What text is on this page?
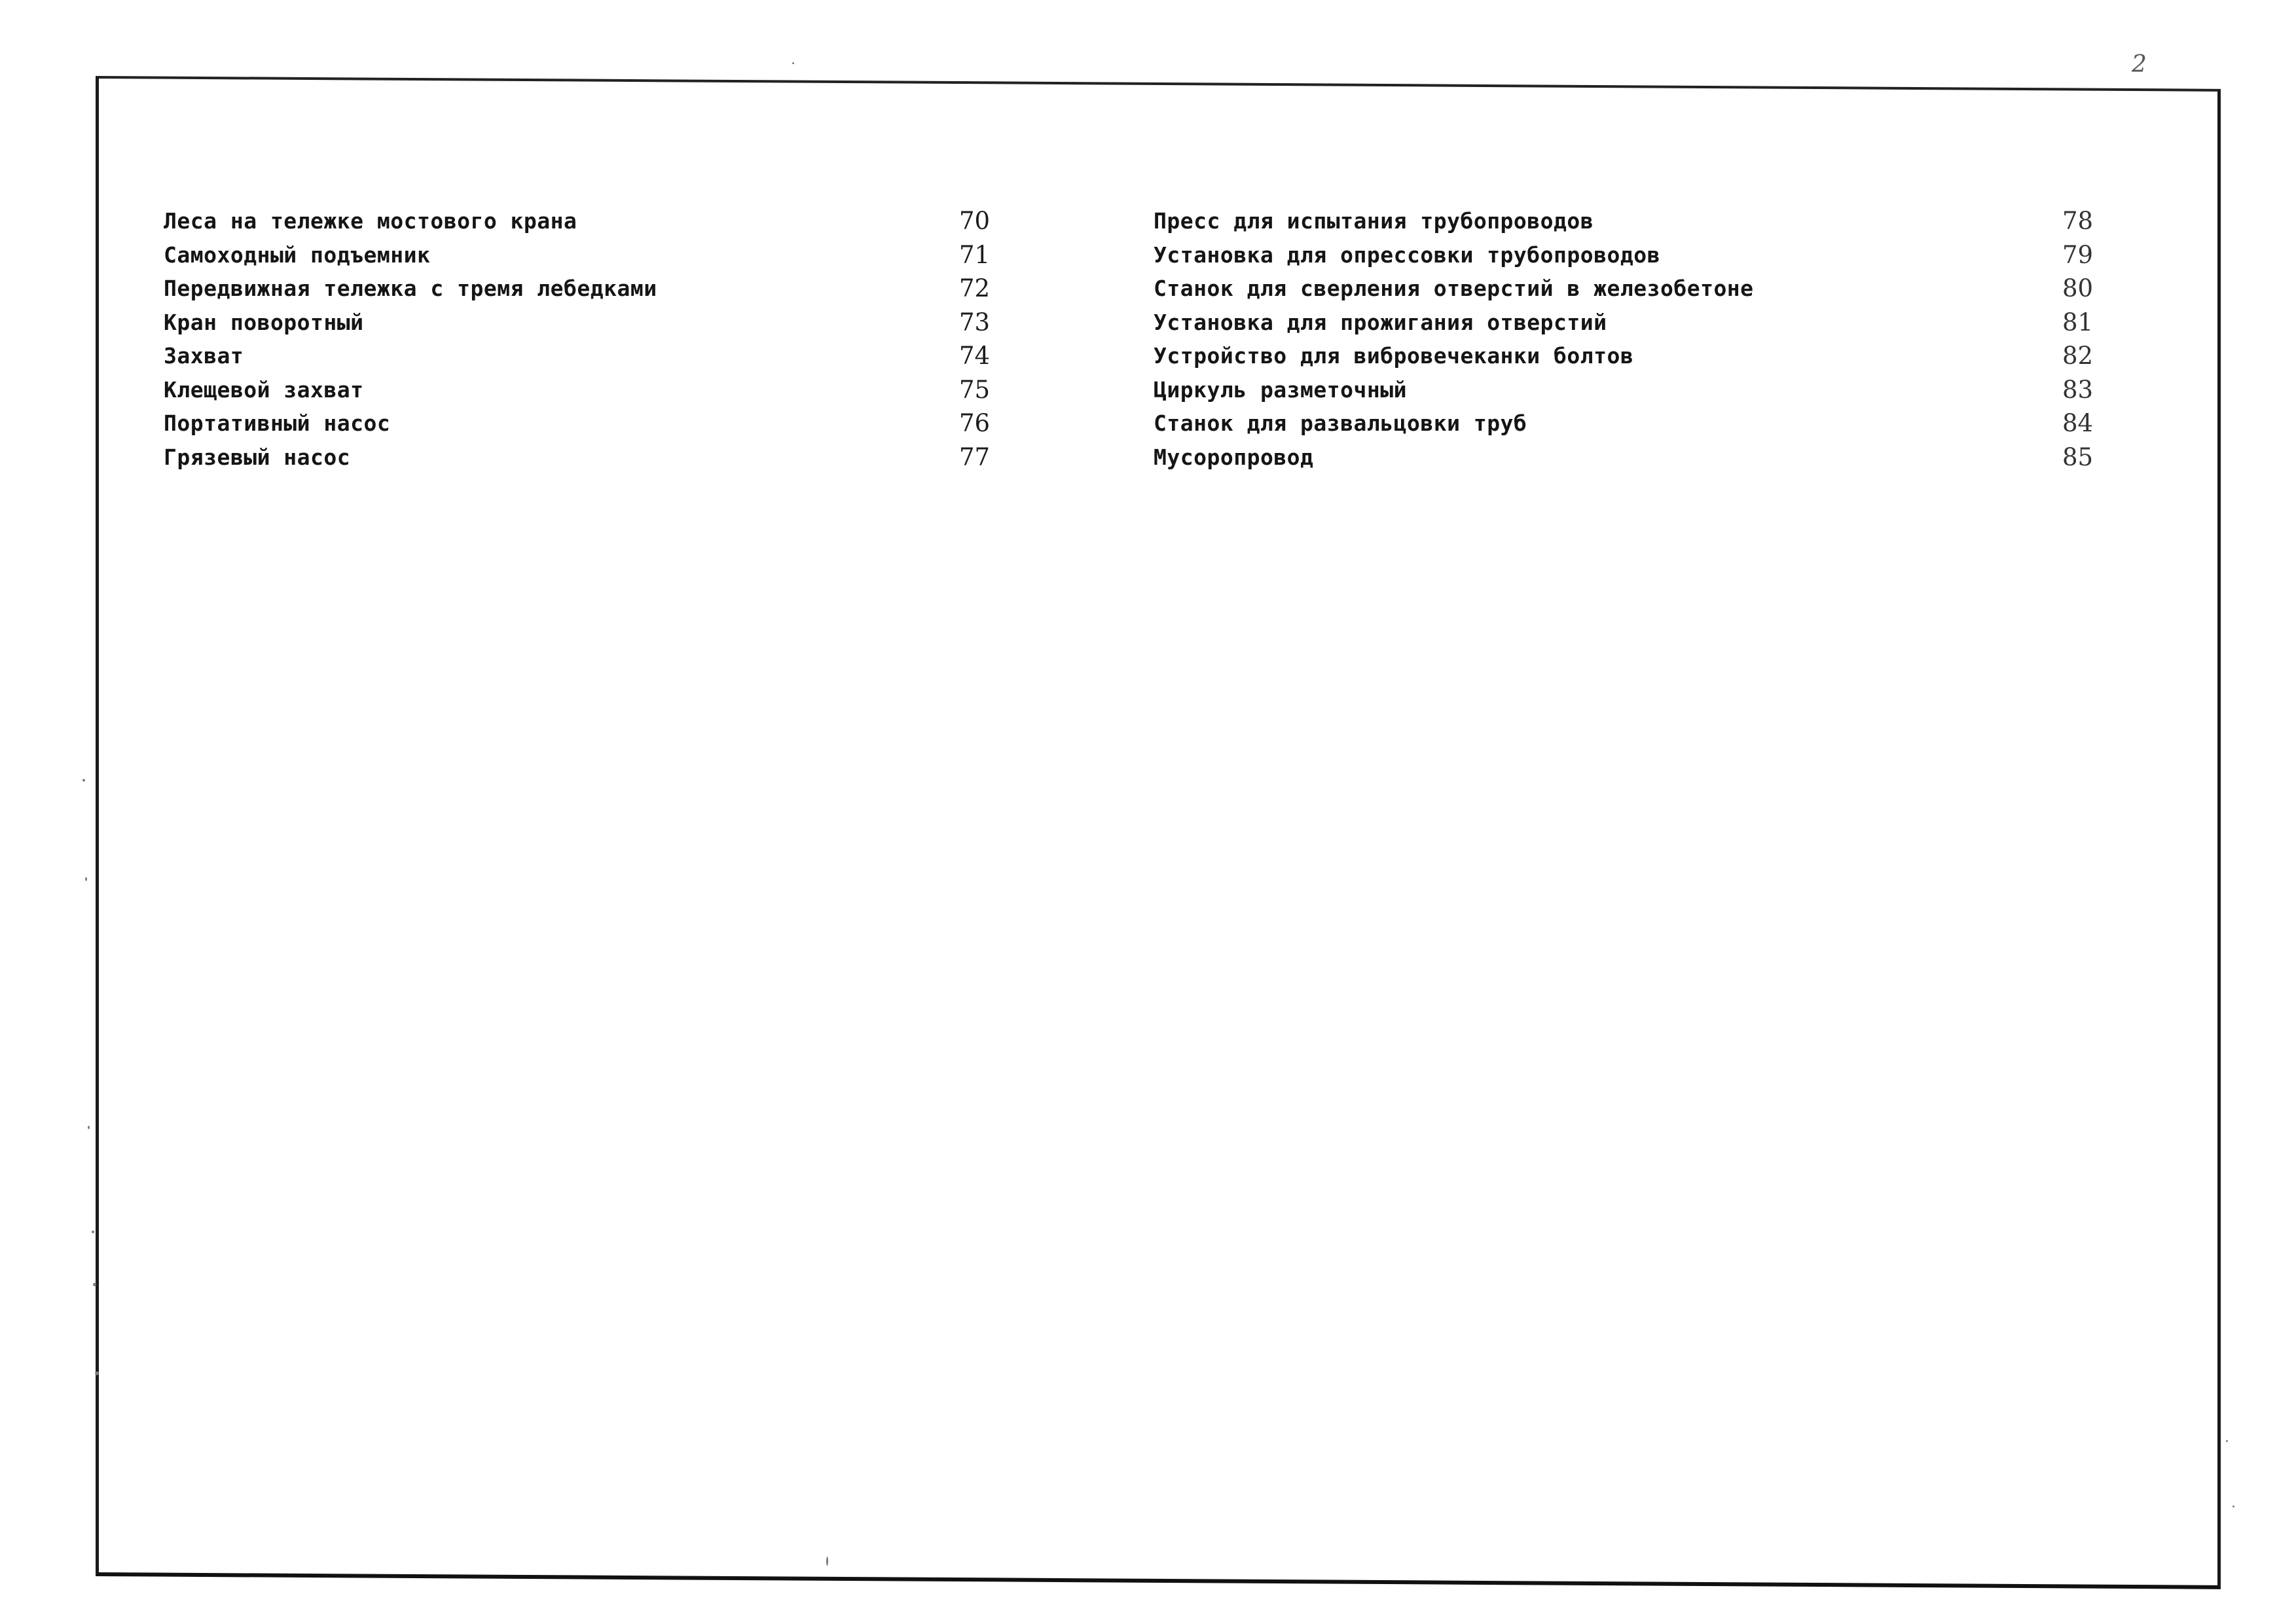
2
Леса на тележке мостового крана	70
Самоходный подъемник	71
Передвижная тележка с тремя лебедками	72
Кран поворотный	73
Захват	74
Клещевой захват	75
Портативный насос	76
Грязевый насос	77
Пресс для испытания трубопроводов	78
Установка для опрессовки трубопроводов	79
Станок для сверления отверстий в железобетоне	80
Установка для прожигания отверстий	81
Устройство для вибровечеканки болтов	82
Циркуль разметочный	83
Станок для развальцовки труб	84
Мусоропровод	85
